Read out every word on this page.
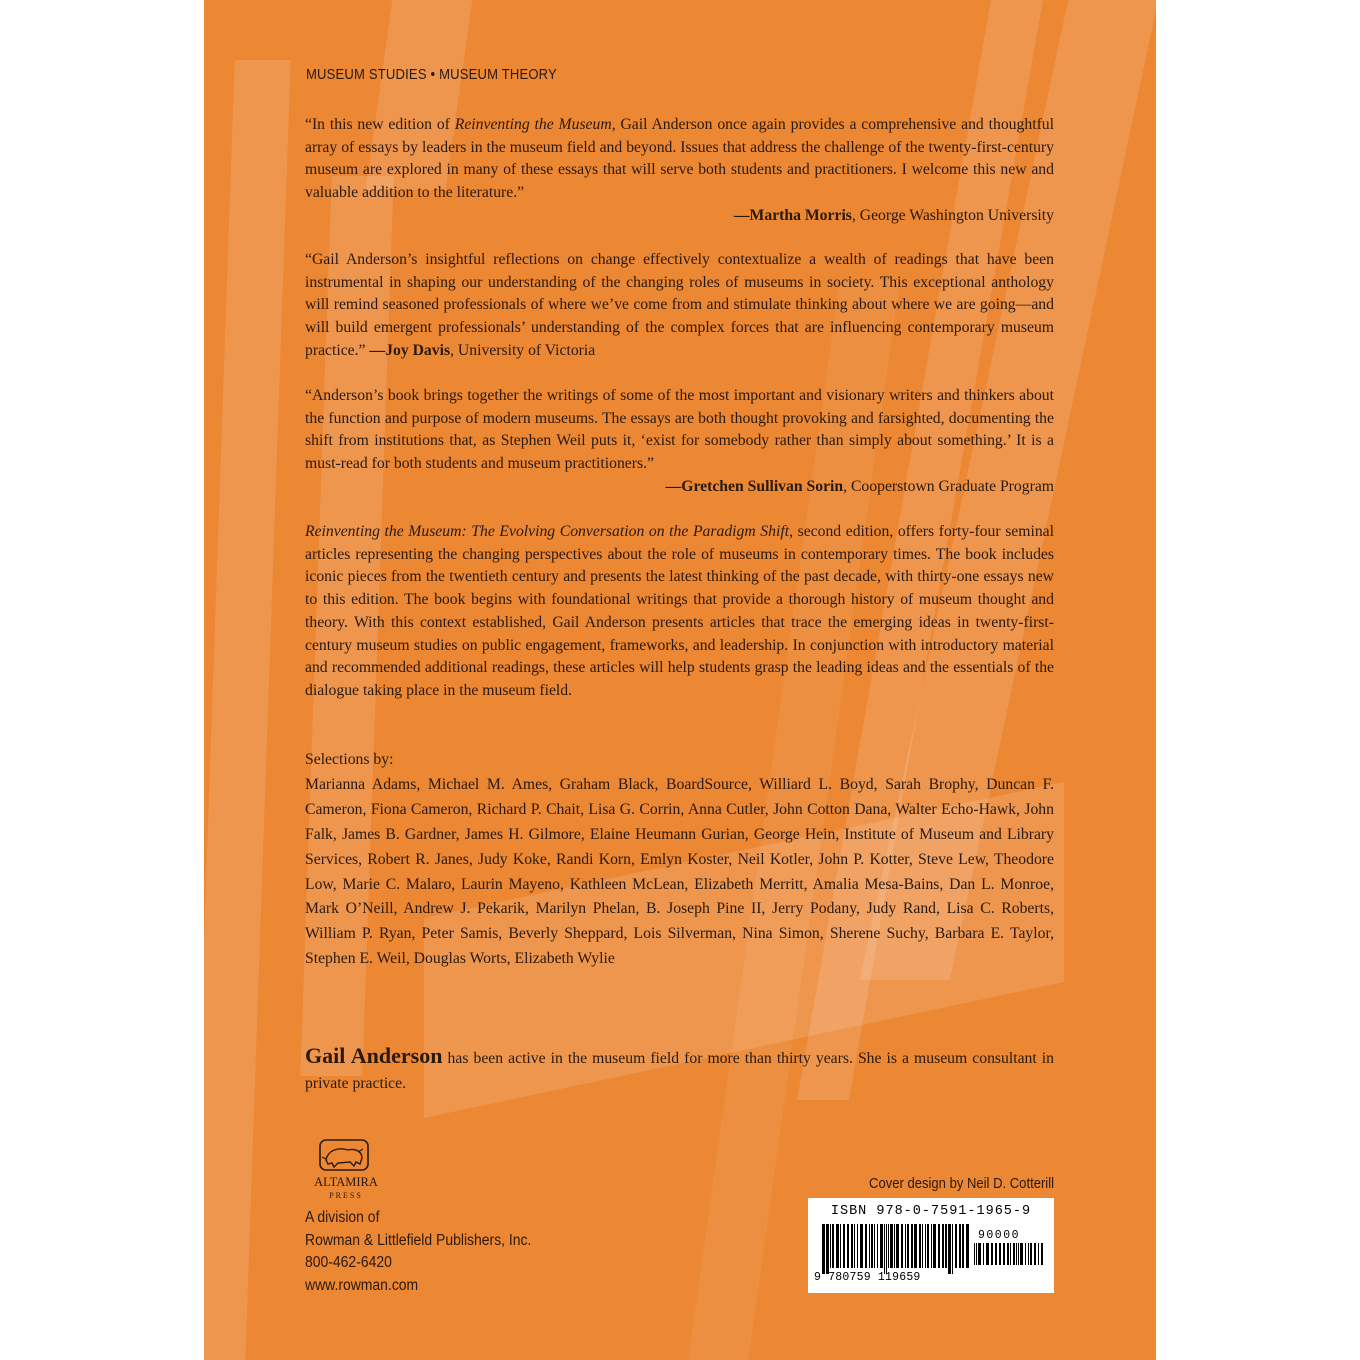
MUSEUM STUDIES • MUSEUM THEORY
“In this new edition of Reinventing the Museum, Gail Anderson once again provides a comprehensive and thoughtful array of essays by leaders in the museum field and beyond. Issues that address the challenge of the twenty-first-century museum are explored in many of these essays that will serve both students and practitioners. I welcome this new and valuable addition to the literature.”
—Martha Morris, George Washington University
“Gail Anderson’s insightful reflections on change effectively contextualize a wealth of readings that have been instrumental in shaping our understanding of the changing roles of museums in society. This exceptional anthology will remind seasoned professionals of where we’ve come from and stimulate thinking about where we are going—and will build emergent professionals’ understanding of the complex forces that are influencing contemporary museum practice.” —Joy Davis, University of Victoria
“Anderson’s book brings together the writings of some of the most important and visionary writers and thinkers about the function and purpose of modern museums. The essays are both thought provoking and farsighted, documenting the shift from institutions that, as Stephen Weil puts it, ‘exist for somebody rather than simply about something.’ It is a must-read for both students and museum practitioners.”
—Gretchen Sullivan Sorin, Cooperstown Graduate Program
Reinventing the Museum: The Evolving Conversation on the Paradigm Shift, second edition, offers forty-four seminal articles representing the changing perspectives about the role of museums in contemporary times. The book includes iconic pieces from the twentieth century and presents the latest thinking of the past decade, with thirty-one essays new to this edition. The book begins with foundational writings that provide a thorough history of museum thought and theory. With this context established, Gail Anderson presents articles that trace the emerging ideas in twenty-first-century museum studies on public engagement, frameworks, and leadership. In conjunction with introductory material and recommended additional readings, these articles will help students grasp the leading ideas and the essentials of the dialogue taking place in the museum field.
Selections by:
Marianna Adams, Michael M. Ames, Graham Black, BoardSource, Williard L. Boyd, Sarah Brophy, Duncan F. Cameron, Fiona Cameron, Richard P. Chait, Lisa G. Corrin, Anna Cutler, John Cotton Dana, Walter Echo-Hawk, John Falk, James B. Gardner, James H. Gilmore, Elaine Heumann Gurian, George Hein, Institute of Museum and Library Services, Robert R. Janes, Judy Koke, Randi Korn, Emlyn Koster, Neil Kotler, John P. Kotter, Steve Lew, Theodore Low, Marie C. Malaro, Laurin Mayeno, Kathleen McLean, Elizabeth Merritt, Amalia Mesa-Bains, Dan L. Monroe, Mark O’Neill, Andrew J. Pekarik, Marilyn Phelan, B. Joseph Pine II, Jerry Podany, Judy Rand, Lisa C. Roberts, William P. Ryan, Peter Samis, Beverly Sheppard, Lois Silverman, Nina Simon, Sherene Suchy, Barbara E. Taylor, Stephen E. Weil, Douglas Worts, Elizabeth Wylie
Gail Anderson has been active in the museum field for more than thirty years. She is a museum consultant in private practice.
ALTAMIRA
PRESS
A division of
Rowman & Littlefield Publishers, Inc.
800-462-6420
www.rowman.com
Cover design by Neil D. Cotterill
ISBN 978-0-7591-1965-9
90000
9 780759 119659
